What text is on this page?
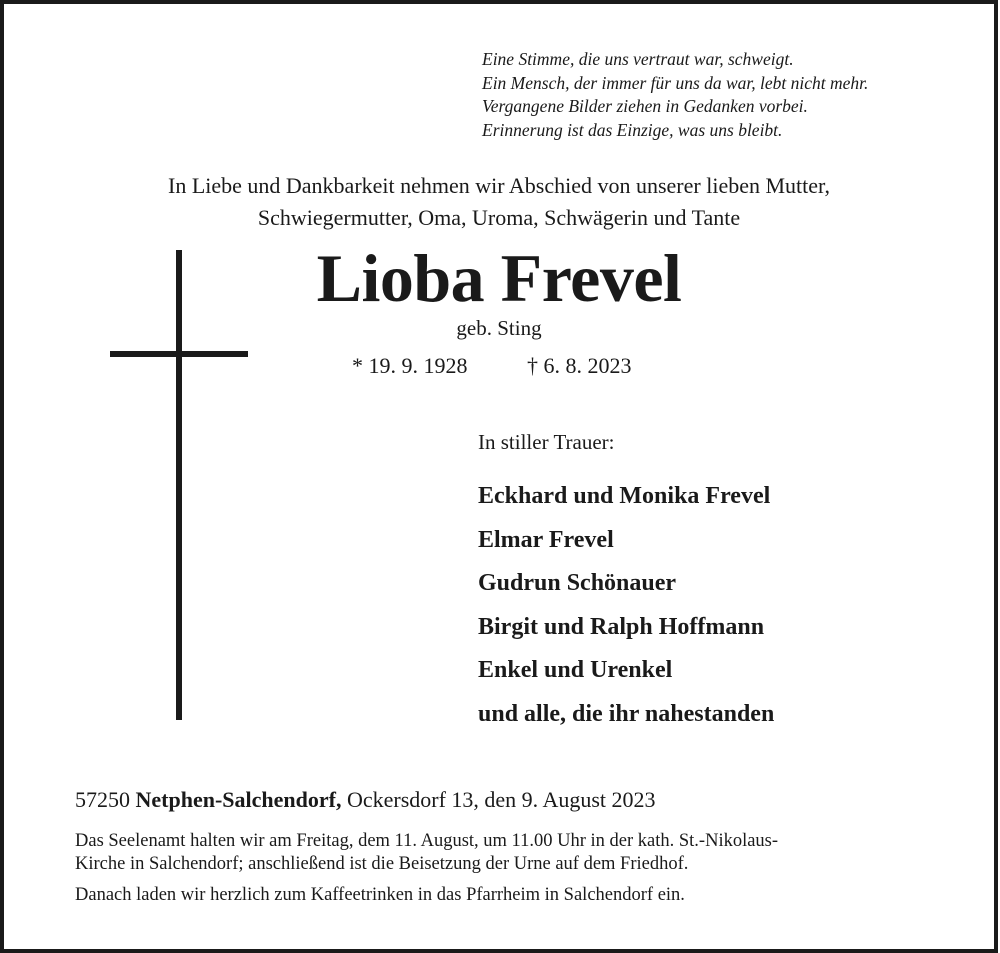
Eine Stimme, die uns vertraut war, schweigt.
Ein Mensch, der immer für uns da war, lebt nicht mehr.
Vergangene Bilder ziehen in Gedanken vorbei.
Erinnerung ist das Einzige, was uns bleibt.
In Liebe und Dankbarkeit nehmen wir Abschied von unserer lieben Mutter,
Schwiegermutter, Oma, Uroma, Schwägerin und Tante
Lioba Frevel
geb. Sting
* 19. 9. 1928	† 6. 8. 2023
In stiller Trauer:
Eckhard und Monika Frevel
Elmar Frevel
Gudrun Schönauer
Birgit und Ralph Hoffmann
Enkel und Urenkel
und alle, die ihr nahestanden
57250 Netphen-Salchendorf, Ockersdorf 13, den 9. August 2023
Das Seelenamt halten wir am Freitag, dem 11. August, um 11.00 Uhr in der kath. St.-Nikolaus-
Kirche in Salchendorf; anschließend ist die Beisetzung der Urne auf dem Friedhof.
Danach laden wir herzlich zum Kaffeetrinken in das Pfarrheim in Salchendorf ein.
